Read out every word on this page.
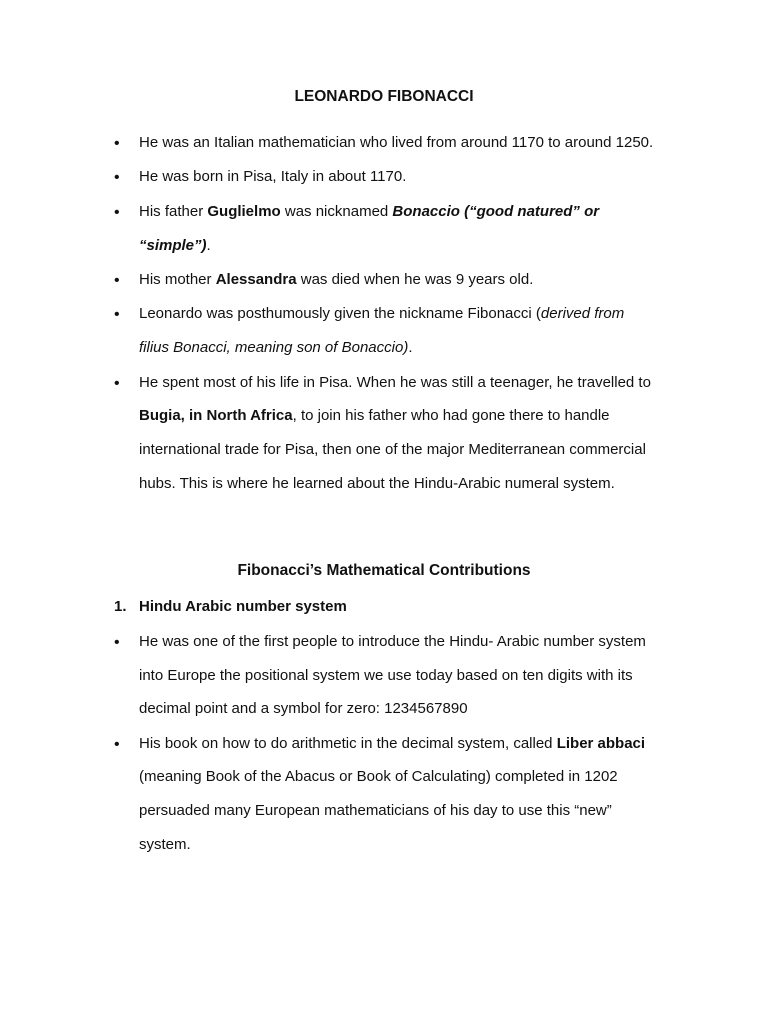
LEONARDO FIBONACCI
• He was an Italian mathematician who lived from around 1170 to around 1250.
• He was born in Pisa, Italy in about 1170.
• His father Guglielmo was nicknamed Bonaccio (“good natured” or
“simple”).
• His mother Alessandra was died when he was 9 years old.
• Leonardo was posthumously given the nickname Fibonacci (derived from
filius Bonacci, meaning son of Bonaccio).
• He spent most of his life in Pisa. When he was still a teenager, he travelled to
Bugia, in North Africa, to join his father who had gone there to handle
international trade for Pisa, then one of the major Mediterranean commercial
hubs. This is where he learned about the Hindu-Arabic numeral system.
Fibonacci’s Mathematical Contributions
1. Hindu Arabic number system
• He was one of the first people to introduce the Hindu- Arabic number system
into Europe the positional system we use today based on ten digits with its
decimal point and a symbol for zero: 1234567890
• His book on how to do arithmetic in the decimal system, called Liber abbaci
(meaning Book of the Abacus or Book of Calculating) completed in 1202
persuaded many European mathematicians of his day to use this “new”
system.
